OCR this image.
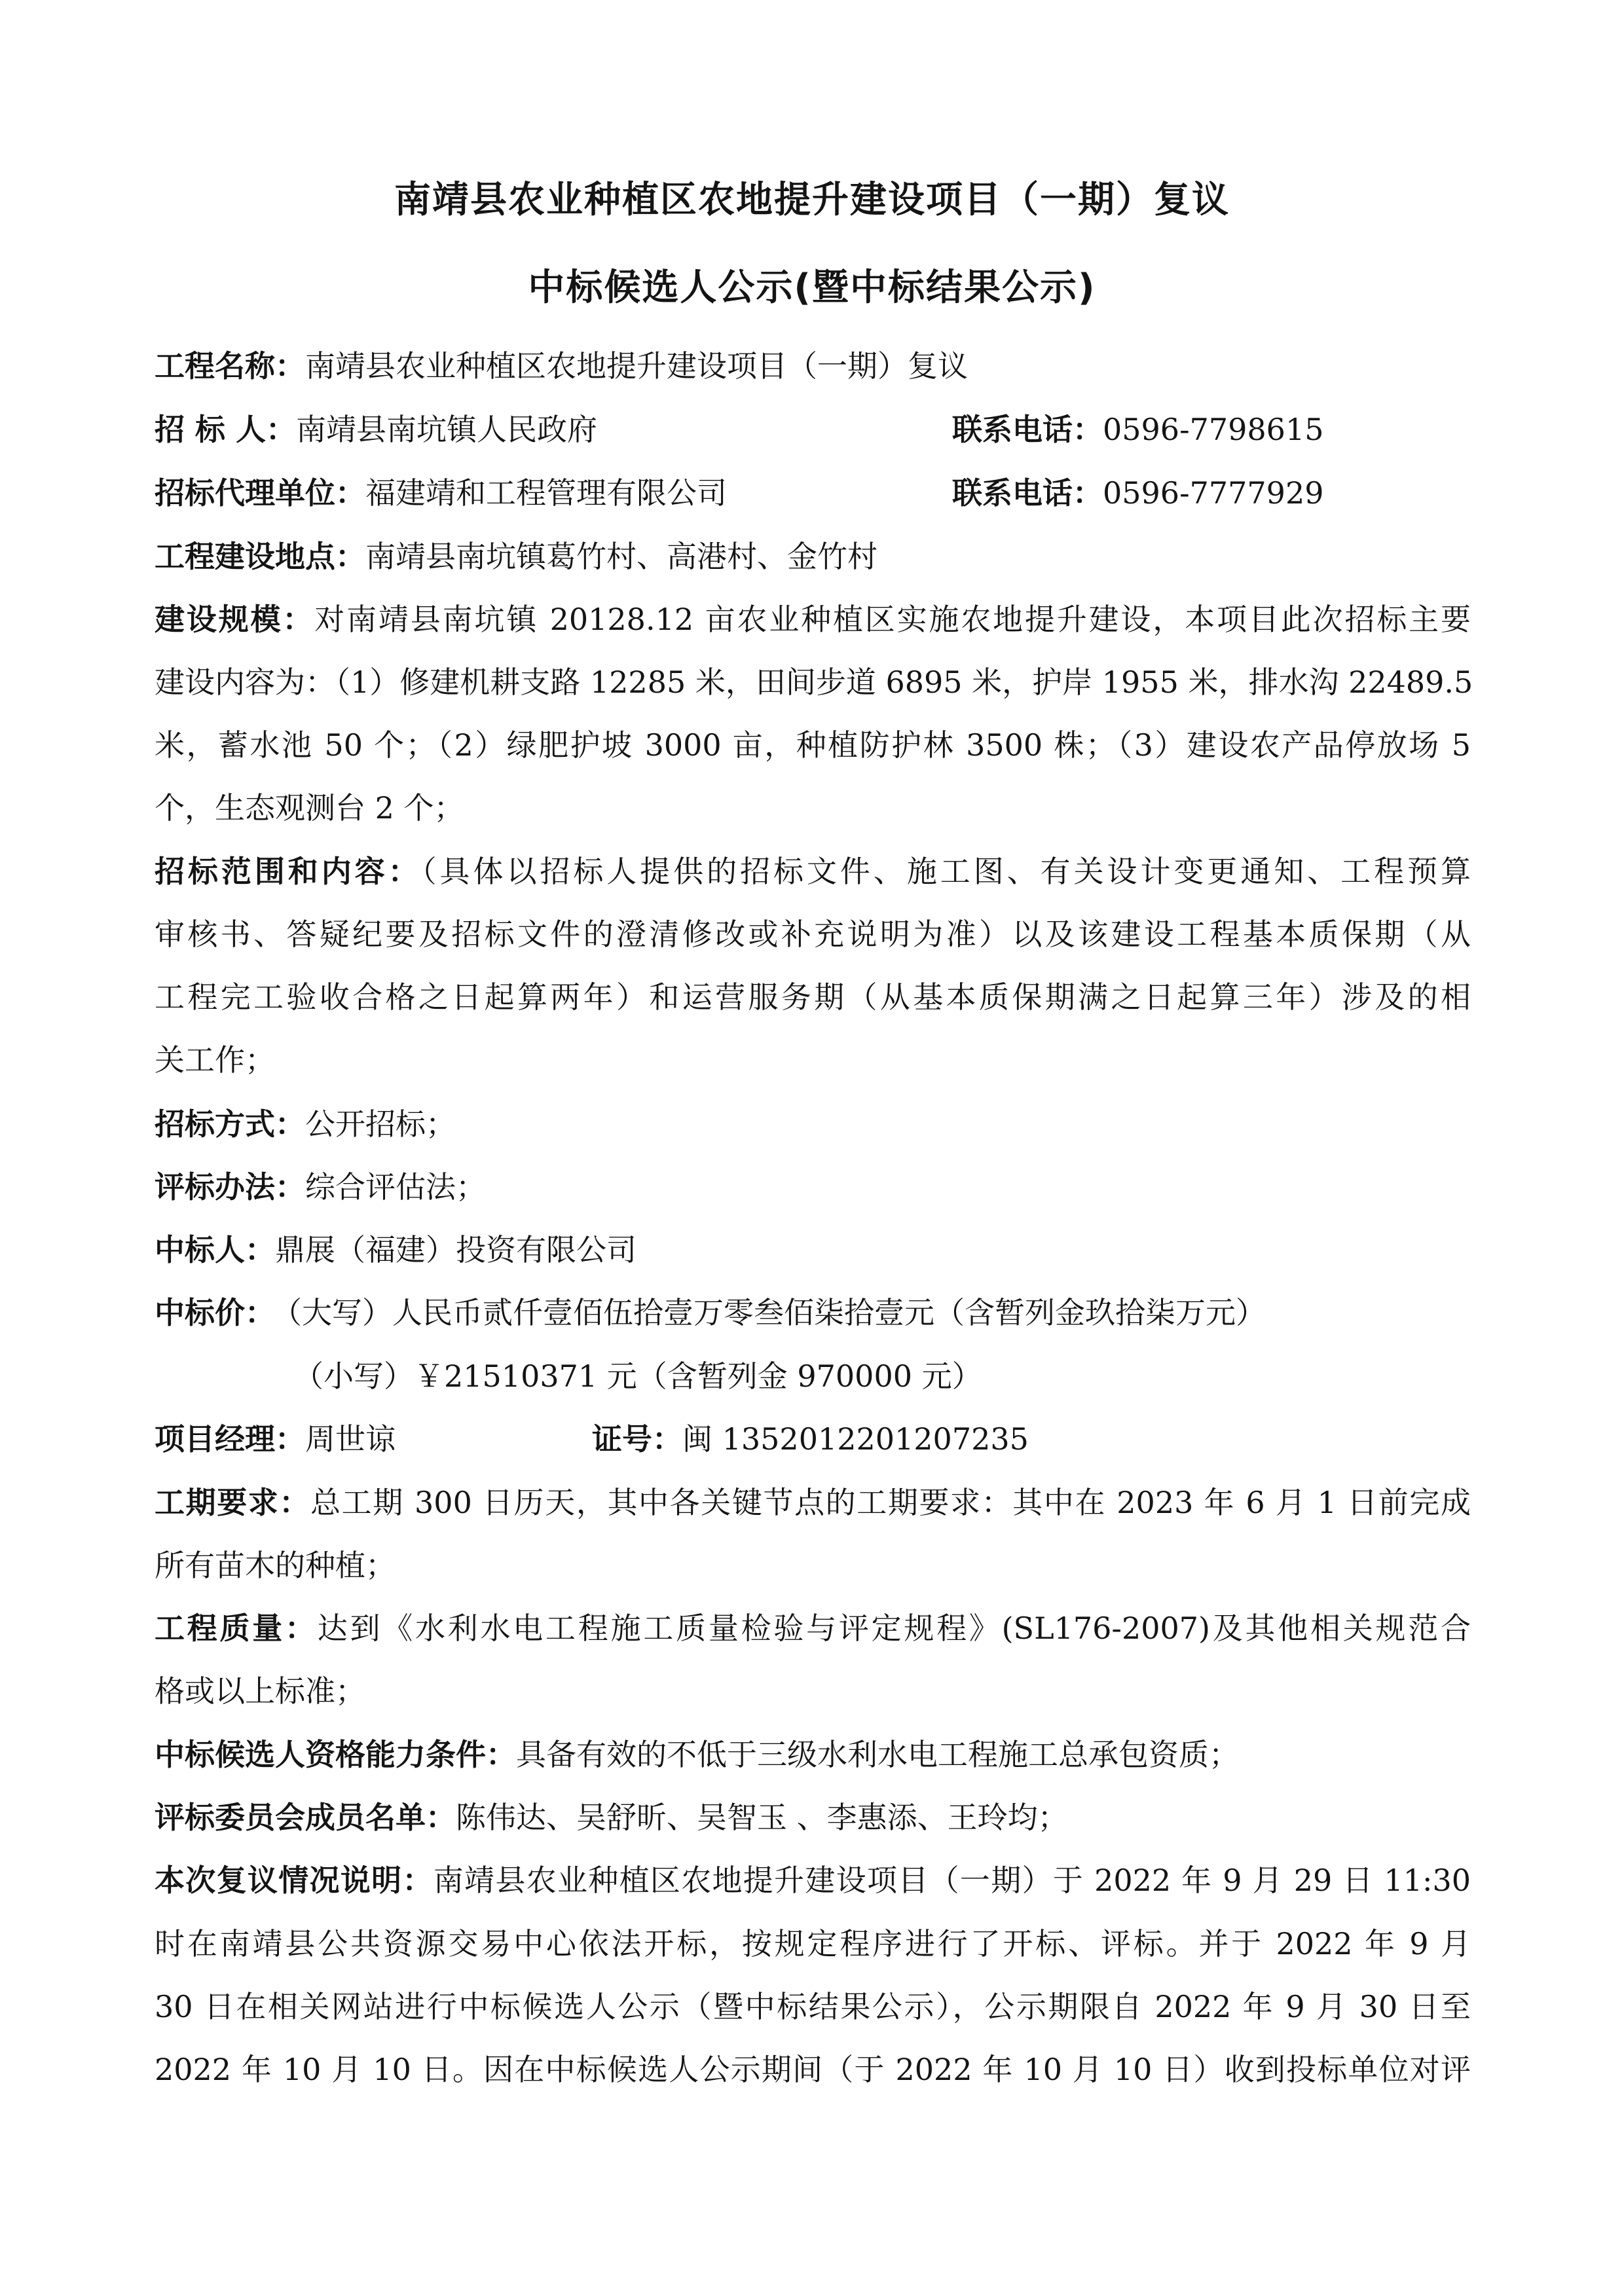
南靖县农业种植区农地提升建设项目（一期）复议
中标候选人公示(暨中标结果公示)
工程名称：南靖县农业种植区农地提升建设项目（一期）复议
招 标 人：南靖县南坑镇人民政府	联系电话：0596-7798615
招标代理单位：福建靖和工程管理有限公司	联系电话：0596-7777929
工程建设地点：南靖县南坑镇葛竹村、高港村、金竹村
建设规模：对南靖县南坑镇 20128.12 亩农业种植区实施农地提升建设，本项目此次招标主要
建设内容为：（1）修建机耕支路 12285 米，田间步道 6895 米，护岸 1955 米，排水沟 22489.5
米，蓄水池 50 个；（2）绿肥护坡 3000 亩，种植防护林 3500 株；（3）建设农产品停放场 5
个，生态观测台 2 个；
招标范围和内容：（具体以招标人提供的招标文件、施工图、有关设计变更通知、工程预算
审核书、答疑纪要及招标文件的澄清修改或补充说明为准）以及该建设工程基本质保期（从
工程完工验收合格之日起算两年）和运营服务期（从基本质保期满之日起算三年）涉及的相
关工作；
招标方式：公开招标；
评标办法：综合评估法；
中标人：鼎展（福建）投资有限公司
中标价： （大写）人民币贰仟壹佰伍拾壹万零叁佰柒拾壹元（含暂列金玖拾柒万元）
（小写）￥21510371 元（含暂列金 970000 元）
项目经理：周世谅	证号：闽 1352012201207235
工期要求：总工期 300 日历天，其中各关键节点的工期要求：其中在 2023 年 6 月 1 日前完成
所有苗木的种植；
工程质量：达到《水利水电工程施工质量检验与评定规程》(SL176-2007)及其他相关规范合
格或以上标准；
中标候选人资格能力条件：具备有效的不低于三级水利水电工程施工总承包资质；
评标委员会成员名单：陈伟达、吴舒昕、吴智玉 、李惠添、王玲均；
本次复议情况说明：南靖县农业种植区农地提升建设项目（一期）于 2022 年 9 月 29 日 11:30
时在南靖县公共资源交易中心依法开标，按规定程序进行了开标、评标。并于 2022 年 9 月
30 日在相关网站进行中标候选人公示（暨中标结果公示），公示期限自 2022 年 9 月 30 日至
2022 年 10 月 10 日。因在中标候选人公示期间（于 2022 年 10 月 10 日）收到投标单位对评
